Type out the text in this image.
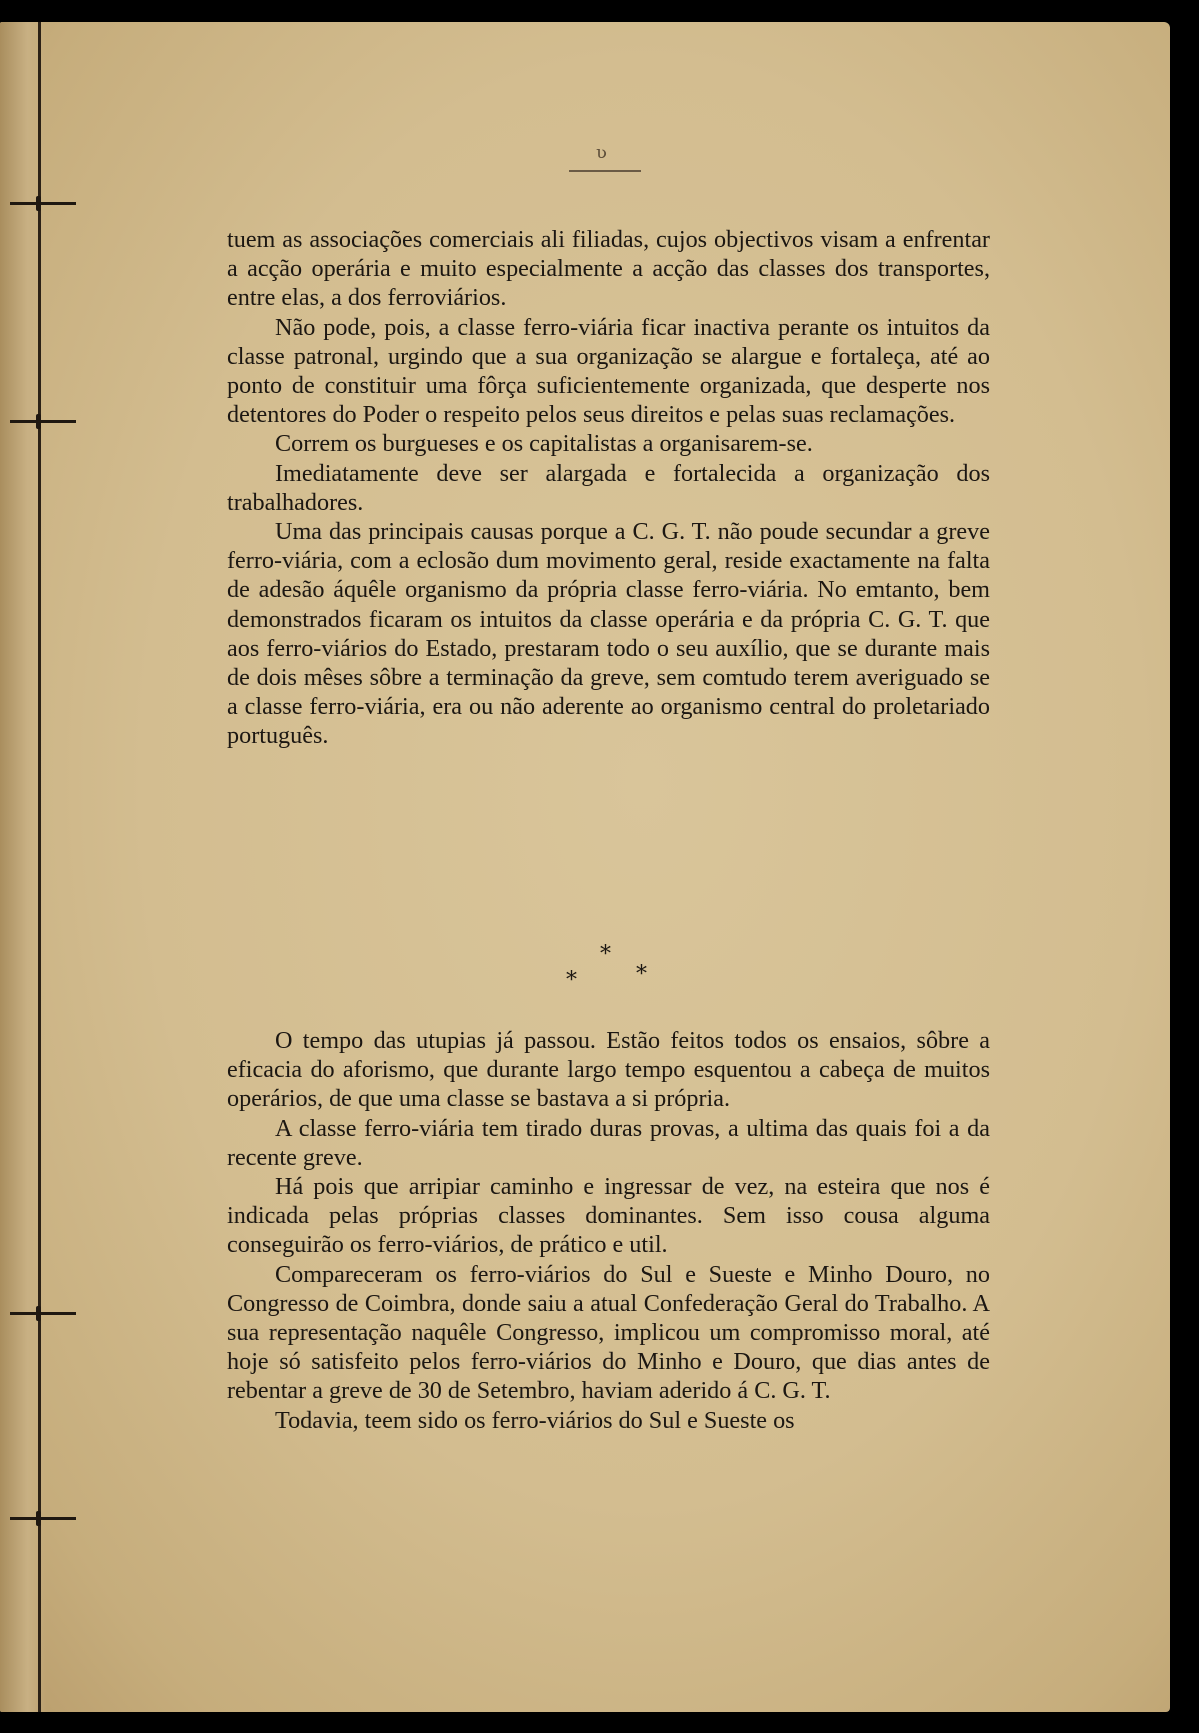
ʋ

tuem as associações comerciais ali filiadas, cujos objectivos visam a enfrentar a acção operária e muito especialmente a acção das classes dos transportes, entre elas, a dos ferroviários.

Não pode, pois, a classe ferro-viária ficar inactiva perante os intuitos da classe patronal, urgindo que a sua organização se alargue e fortaleça, até ao ponto de constituir uma fôrça suficientemente organizada, que desperte nos detentores do Poder o respeito pelos seus direitos e pelas suas reclamações.

Correm os burgueses e os capitalistas a organisarem-se.

Imediatamente deve ser alargada e fortalecida a organização dos trabalhadores.

Uma das principais causas porque a C. G. T. não poude secundar a greve ferro-viária, com a eclosão dum movimento geral, reside exactamente na falta de adesão áquêle organismo da própria classe ferro-viária. No emtanto, bem demonstrados ficaram os intuitos da classe operária e da própria C. G. T. que aos ferro-viários do Estado, prestaram todo o seu auxílio, que se durante mais de dois mêses sôbre a terminação da greve, sem comtudo terem averiguado se a classe ferro-viária, era ou não aderente ao organismo central do proletariado português.

*
*	*

O tempo das utupias já passou. Estão feitos todos os ensaios, sôbre a eficacia do aforismo, que durante largo tempo esquentou a cabeça de muitos operários, de que uma classe se bastava a si própria.

A classe ferro-viária tem tirado duras provas, a ultima das quais foi a da recente greve.

Há pois que arripiar caminho e ingressar de vez, na esteira que nos é indicada pelas próprias classes dominantes. Sem isso cousa alguma conseguirão os ferro-viários, de prático e util.

Compareceram os ferro-viários do Sul e Sueste e Minho Douro, no Congresso de Coimbra, donde saiu a atual Confederação Geral do Trabalho. A sua representação naquêle Congresso, implicou um compromisso moral, até hoje só satisfeito pelos ferro-viários do Minho e Douro, que dias antes de rebentar a greve de 30 de Setembro, haviam aderido á C. G. T.

Todavia, teem sido os ferro-viários do Sul e Sueste os
